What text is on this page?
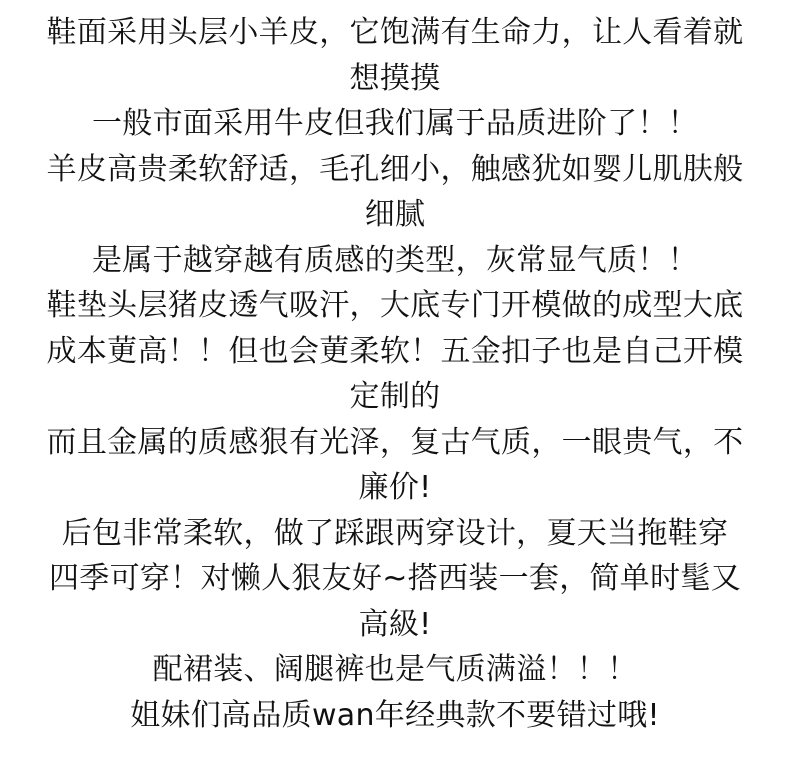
鞋面采用头层小羊皮，它饱满有生命力，让人看着就
想摸摸
一般市面采用牛皮但我们属于品质进阶了！！
羊皮高贵柔软舒适，毛孔细小，触感犹如婴儿肌肤般
细腻
是属于越穿越有质感的类型，灰常显气质！！
鞋垫头层猪皮透气吸汗，大底专门开模做的成型大底
成本莄高！！但也会莄柔软！五金扣子也是自己开模
定制的
而且金属的质感狠有光泽，复古气质，一眼贵气，不
廉价!
后包非常柔软，做了踩跟两穿设计，夏天当拖鞋穿
四季可穿！对懒人狠友好~搭西装一套，简单时髦又
高級!
配裙装、阔腿裤也是气质满溢！！！
姐妹们高品质wan年经典款不要错过哦!
